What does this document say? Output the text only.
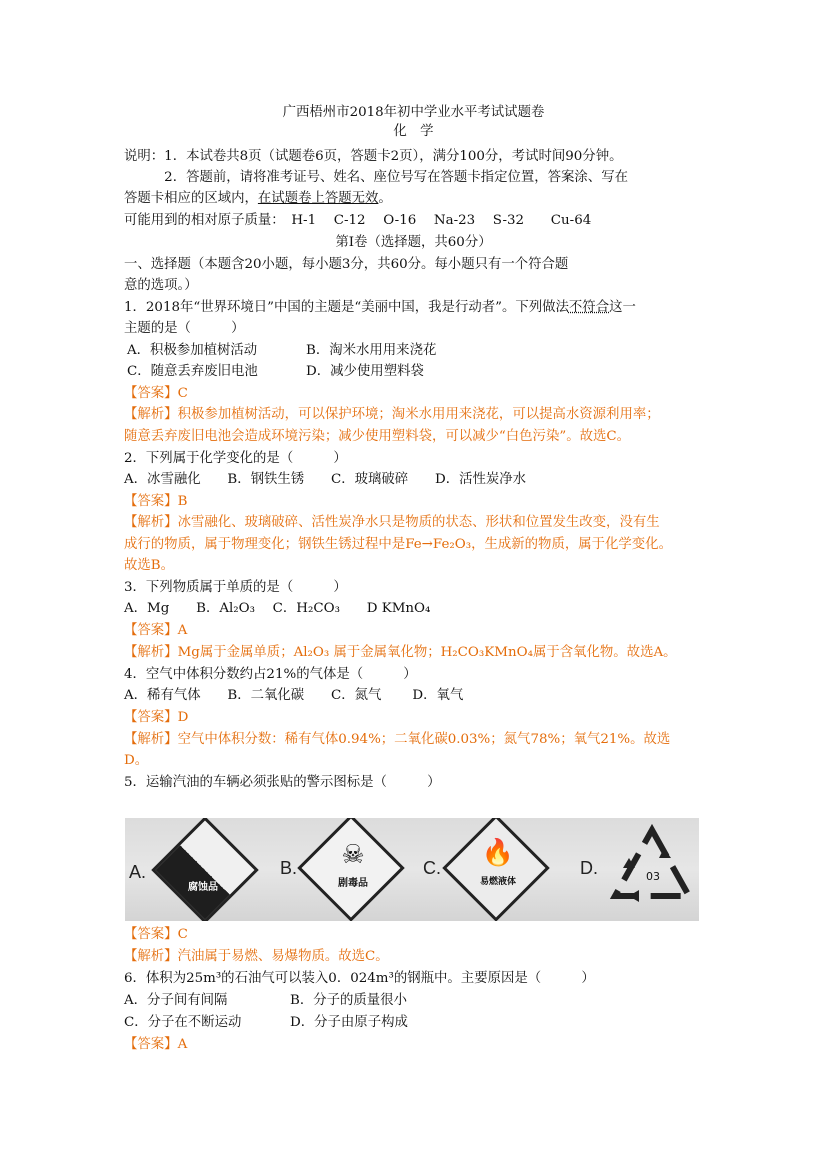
广西梧州市2018年初中学业水平考试试题卷
化　学
说明：1．本试卷共8页（试题卷6页，答题卡2页），满分100分，考试时间90分钟。
　　　2．答题前，请将准考证号、姓名、座位号写在答题卡指定位置，答案涂、写在
答题卡相应的区域内，在试题卷上答题无效。
可能用到的相对原子质量：　H-1　 C-12　 O-16　 Na-23　 S-32　　Cu-64
第Ⅰ卷（选择题，共60分）
一、选择题（本题含20小题，每小题3分，共60分。每小题只有一个符合题
意的选项。）
1．2018年“世界环境日”中国的主题是“美丽中国，我是行动者”。下列做法不符合这一
主题的是（　　　）
A．积极参加植树活动	B．淘米水用用来浇花
C．随意丢弃废旧电池	D．减少使用塑料袋
【答案】C
【解析】积极参加植树活动，可以保护环境；淘米水用用来浇花，可以提高水资源利用率；
随意丢弃废旧电池会造成环境污染；减少使用塑料袋，可以减少“白色污染”。故选C。
2．下列属于化学变化的是（　　　）
A．冰雪融化　　B．钢铁生锈　　C．玻璃破碎　　D．活性炭净水
【答案】B
【解析】冰雪融化、玻璃破碎、活性炭净水只是物质的状态、形状和位置发生改变，没有生
成行的物质，属于物理变化；钢铁生锈过程中是Fe→Fe₂O₃，生成新的物质，属于化学变化。
故选B。
3．下列物质属于单质的是（　　　）
A．Mg　　B．Al₂O₃　 C．H₂CO₃　　D KMnO₄
【答案】A
【解析】Mg属于金属单质；Al₂O₃ 属于金属氧化物；H₂CO₃KMnO₄属于含氧化物。故选A。
4．空气中体积分数约占21%的气体是（　　　）
A．稀有气体　　B．二氧化碳　　C．氮气　　 D．氧气
【答案】D
【解析】空气中体积分数：稀有气体0.94%；二氧化碳0.03%；氮气78%；氧气21%。故选
D。
5．运输汽油的车辆必须张贴的警示图标是（　　　）
A.
腐蚀品
B.	☠
剧毒品
C. 🔥
易燃液体
D.	03
【答案】C
【解析】汽油属于易燃、易爆物质。故选C。
6．体积为25m³的石油气可以装入0．024m³的钢瓶中。主要原因是（　　　）
A．分子间有间隔	B．分子的质量很小
C．分子在不断运动	D．分子由原子构成
【答案】A
